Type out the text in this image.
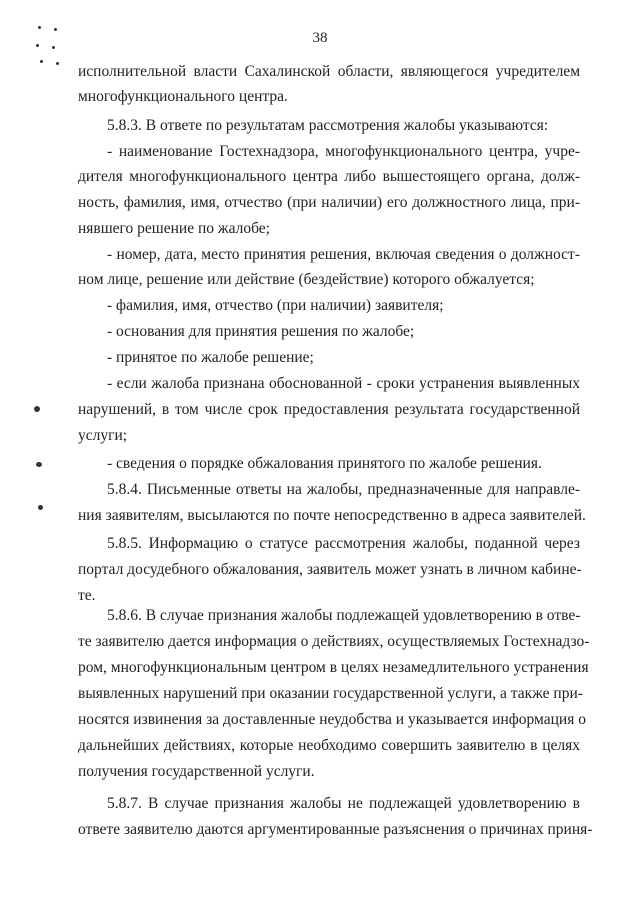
38
исполнительной власти Сахалинской области, являющегося учредителем
многофункционального центра.
5.8.3. В ответе по результатам рассмотрения жалобы указываются:
- наименование Гостехнадзора, многофункционального центра, учре-
дителя многофункционального центра либо вышестоящего органа, долж-
ность, фамилия, имя, отчество (при наличии) его должностного лица, при-
нявшего решение по жалобе;
- номер, дата, место принятия решения, включая сведения о должност-
ном лице, решение или действие (бездействие) которого обжалуется;
- фамилия, имя, отчество (при наличии) заявителя;
- основания для принятия решения по жалобе;
- принятое по жалобе решение;
- если жалоба признана обоснованной - сроки устранения выявленных
нарушений, в том числе срок предоставления результата государственной
услуги;
- сведения о порядке обжалования принятого по жалобе решения.
5.8.4. Письменные ответы на жалобы, предназначенные для направле-
ния заявителям, высылаются по почте непосредственно в адреса заявителей.
5.8.5. Информацию о статусе рассмотрения жалобы, поданной через
портал досудебного обжалования, заявитель может узнать в личном кабине-
те.
5.8.6. В случае признания жалобы подлежащей удовлетворению в отве-
те заявителю дается информация о действиях, осуществляемых Гостехнадзо-
ром, многофункциональным центром в целях незамедлительного устранения
выявленных нарушений при оказании государственной услуги, а также при-
носятся извинения за доставленные неудобства и указывается информация о
дальнейших действиях, которые необходимо совершить заявителю в целях
получения государственной услуги.
5.8.7. В случае признания жалобы не подлежащей удовлетворению в
ответе заявителю даются аргументированные разъяснения о причинах приня-
